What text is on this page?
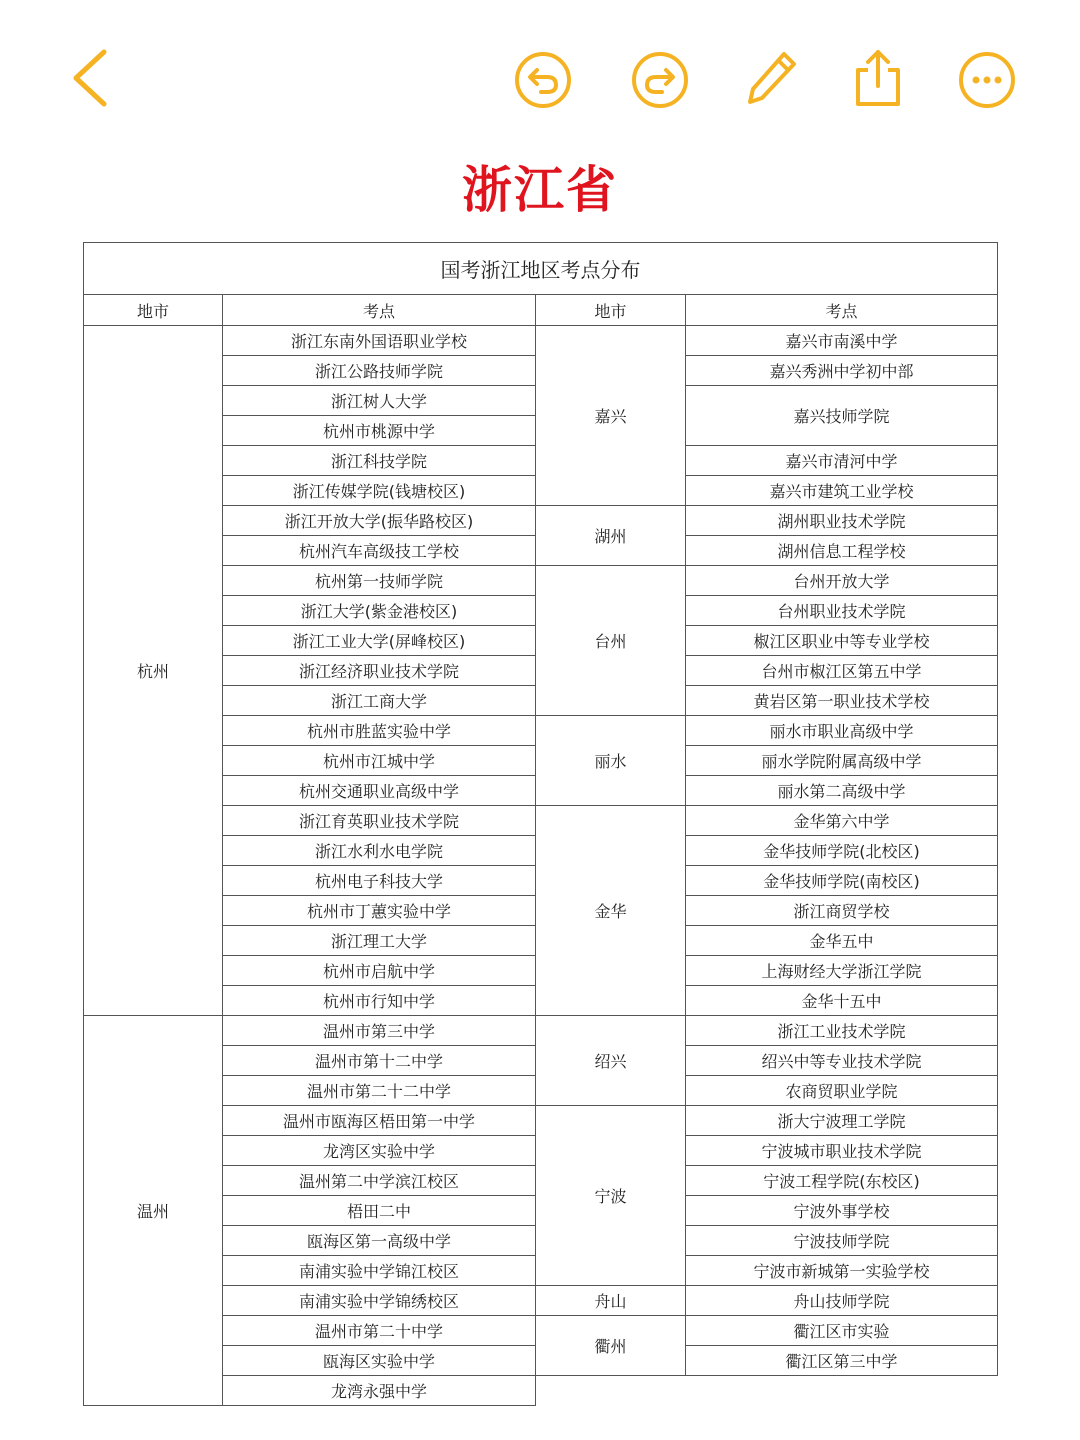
浙江省
国考浙江地区考点分布			
地市	考点	地市	考点
杭州	浙江东南外国语职业学校	嘉兴	嘉兴市南溪中学
	浙江公路技师学院		嘉兴秀洲中学初中部
	浙江树人大学		嘉兴技师学院
	杭州市桃源中学		
	浙江科技学院		嘉兴市清河中学
	浙江传媒学院(钱塘校区)		嘉兴市建筑工业学校
	浙江开放大学(振华路校区)	湖州	湖州职业技术学院
	杭州汽车高级技工学校		湖州信息工程学校
	杭州第一技师学院	台州	台州开放大学
	浙江大学(紫金港校区)		台州职业技术学院
	浙江工业大学(屏峰校区)		椒江区职业中等专业学校
	浙江经济职业技术学院		台州市椒江区第五中学
	浙江工商大学		黄岩区第一职业技术学校
	杭州市胜蓝实验中学	丽水	丽水市职业高级中学
	杭州市江城中学		丽水学院附属高级中学
	杭州交通职业高级中学		丽水第二高级中学
	浙江育英职业技术学院	金华	金华第六中学
	浙江水利水电学院		金华技师学院(北校区)
	杭州电子科技大学		金华技师学院(南校区)
	杭州市丁蕙实验中学		浙江商贸学校
	浙江理工大学		金华五中
	杭州市启航中学		上海财经大学浙江学院
	杭州市行知中学		金华十五中
温州	温州市第三中学	绍兴	浙江工业技术学院
	温州市第十二中学		绍兴中等专业技术学院
	温州市第二十二中学		农商贸职业学院
	温州市瓯海区梧田第一中学	宁波	浙大宁波理工学院
	龙湾区实验中学		宁波城市职业技术学院
	温州第二中学滨江校区		宁波工程学院(东校区)
	梧田二中		宁波外事学校
	瓯海区第一高级中学		宁波技师学院
	南浦实验中学锦江校区		宁波市新城第一实验学校
	南浦实验中学锦绣校区	舟山	舟山技师学院
	温州市第二十中学	衢州	衢江区市实验
	瓯海区实验中学		衢江区第三中学
	龙湾永强中学		
